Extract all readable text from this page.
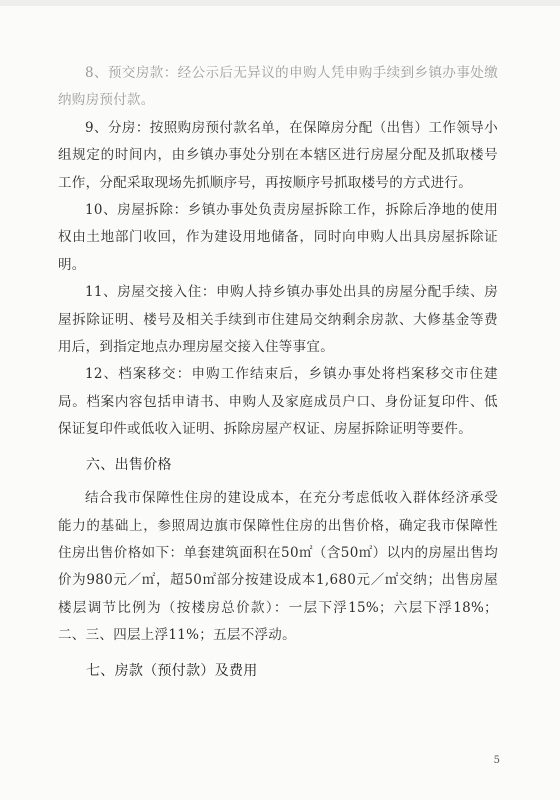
8、预交房款：经公示后无异议的申购人凭申购手续到乡镇办事处缴纳购房预付款。

9、分房：按照购房预付款名单，在保障房分配（出售）工作领导小组规定的时间内，由乡镇办事处分别在本辖区进行房屋分配及抓取楼号工作，分配采取现场先抓顺序号，再按顺序号抓取楼号的方式进行。

10、房屋拆除：乡镇办事处负责房屋拆除工作，拆除后净地的使用权由土地部门收回，作为建设用地储备，同时向申购人出具房屋拆除证明。

11、房屋交接入住：申购人持乡镇办事处出具的房屋分配手续、房屋拆除证明、楼号及相关手续到市住建局交纳剩余房款、大修基金等费用后，到指定地点办理房屋交接入住等事宜。

12、档案移交：申购工作结束后，乡镇办事处将档案移交市住建局。档案内容包括申请书、申购人及家庭成员户口、身份证复印件、低保证复印件或低收入证明、拆除房屋产权证、房屋拆除证明等要件。

六、出售价格

结合我市保障性住房的建设成本，在充分考虑低收入群体经济承受能力的基础上，参照周边旗市保障性住房的出售价格，确定我市保障性住房出售价格如下：单套建筑面积在50㎡（含50㎡）以内的房屋出售均价为980元／㎡，超50㎡部分按建设成本1,680元／㎡交纳；出售房屋楼层调节比例为（按楼房总价款）：一层下浮15%；六层下浮18%；二、三、四层上浮11%；五层不浮动。

七、房款（预付款）及费用

5
